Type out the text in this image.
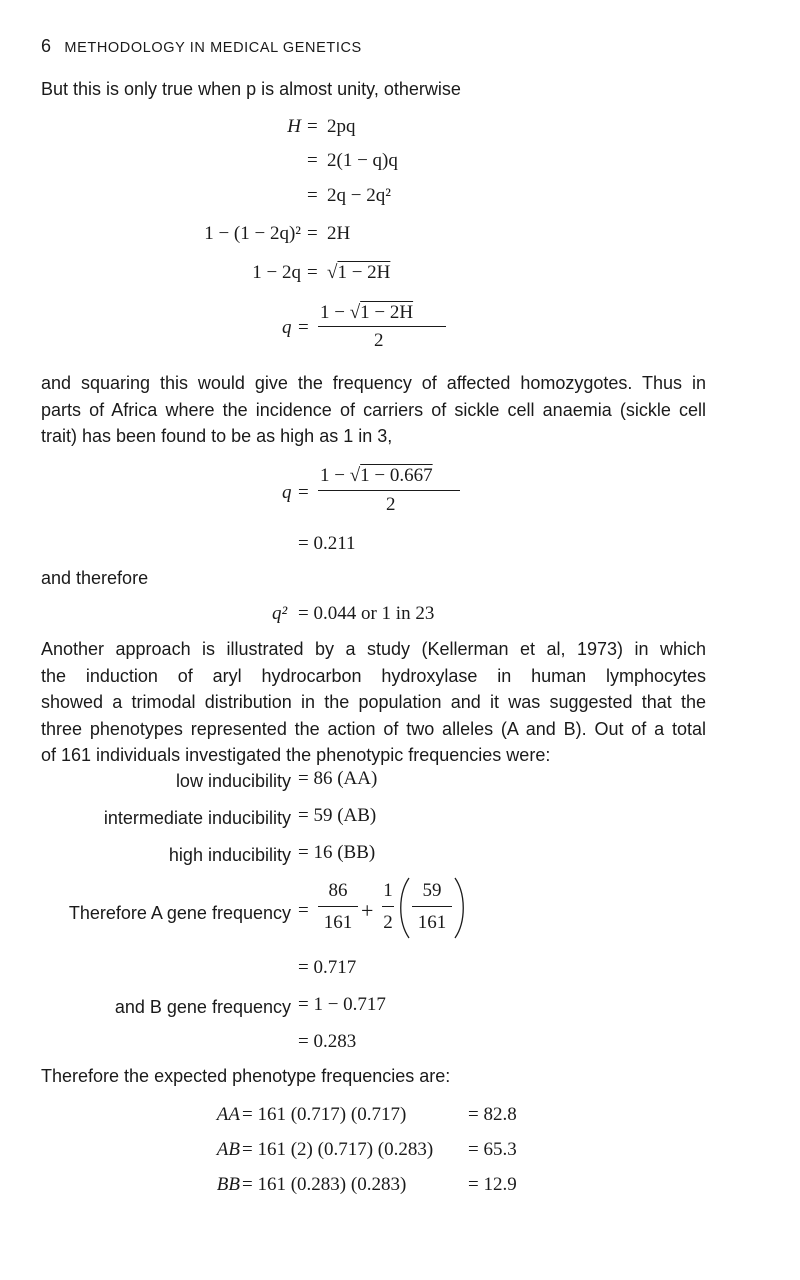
6 METHODOLOGY IN MEDICAL GENETICS
But this is only true when p is almost unity, otherwise
H = 2pq
= 2(1 − q)q
= 2q − 2q²
1 − (1 − 2q)² = 2H
1 − 2q = √1 − 2H
q =
1 − √1 − 2H
2
and squaring this would give the frequency of affected homozygotes. Thus in
parts of Africa where the incidence of carriers of sickle cell anaemia (sickle cell
trait) has been found to be as high as 1 in 3,
q =
1 − √1 − 0.667
2
= 0.211
and therefore
q² = 0.044 or 1 in 23
Another approach is illustrated by a study (Kellerman et al, 1973) in which
the induction of aryl hydrocarbon hydroxylase in human lymphocytes
showed a trimodal distribution in the population and it was suggested that the
three phenotypes represented the action of two alleles (A and B). Out of a total
of 161 individuals investigated the phenotypic frequencies were:
low inducibility = 86 (AA)
intermediate inducibility = 59 (AB)
high inducibility = 16 (BB)
Therefore A gene frequency =
86
161 +
1
2
59
161
= 0.717
and B gene frequency = 1 − 0.717
= 0.283
Therefore the expected phenotype frequencies are:
AA = 161 (0.717) (0.717)	= 82.8
AB = 161 (2) (0.717) (0.283) = 65.3
BB = 161 (0.283) (0.283)	= 12.9
